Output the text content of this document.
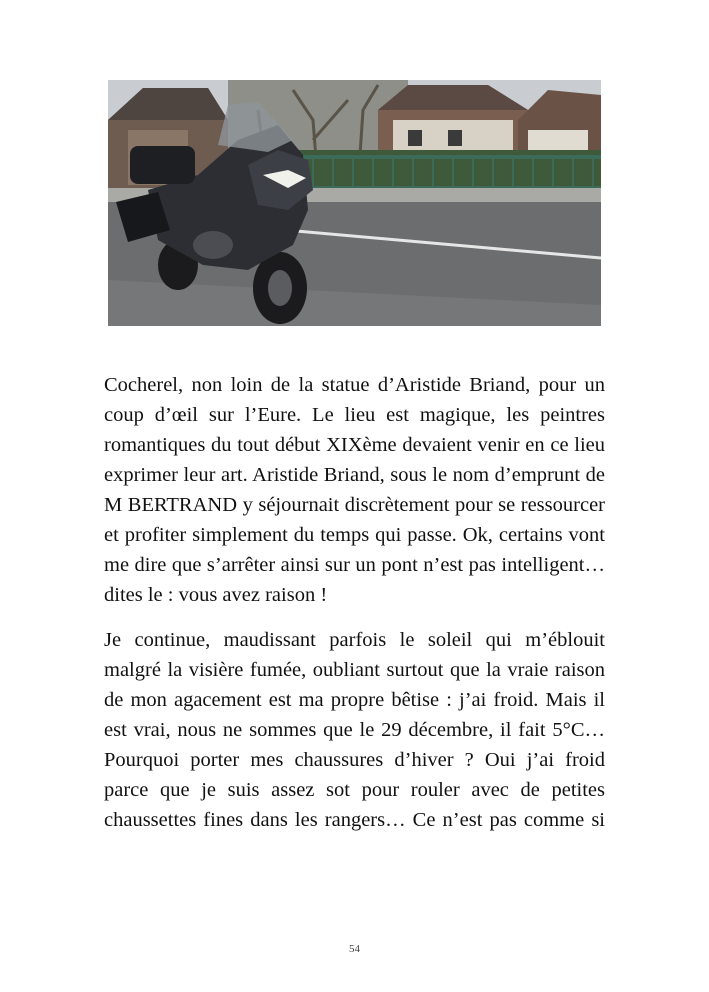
Cocherel, non loin de la statue d’Aristide Briand, pour un coup d’œil sur l’Eure. Le lieu est magique, les peintres romantiques du tout début XIXème devaient venir en ce lieu exprimer leur art. Aristide Briand, sous le nom d’emprunt de M BERTRAND y séjournait discrètement pour se ressourcer et profiter simplement du temps qui passe. Ok, certains vont me dire que s’arrêter ainsi sur un pont n’est pas intelligent… dites le : vous avez raison !

Je continue, maudissant parfois le soleil qui m’éblouit malgré la visière fumée, oubliant surtout que la vraie raison de mon agacement est ma propre bêtise : j’ai froid. Mais il est vrai, nous ne sommes que le 29 décembre, il fait 5°C… Pourquoi porter mes chaussures d’hiver ? Oui j’ai froid parce que je suis assez sot pour rouler avec de petites chaussettes fines dans les rangers… Ce n’est pas comme si

54
